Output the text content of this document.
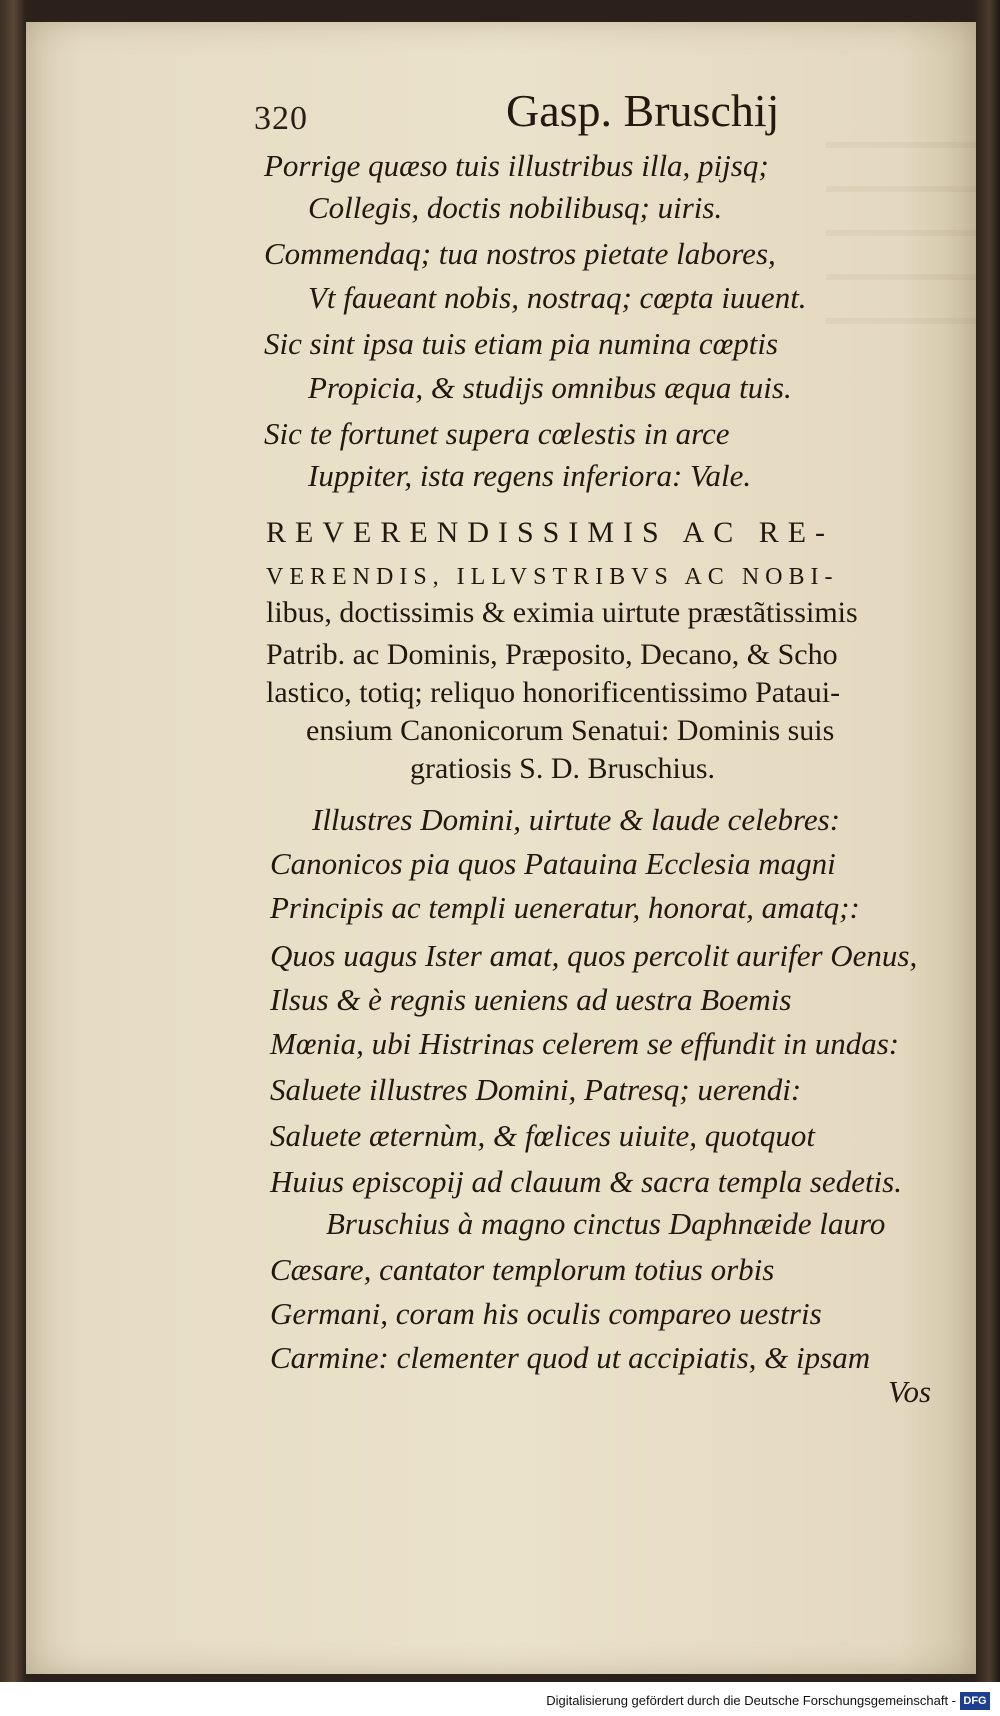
320	Gasp. Bruschij
Porrige quæso tuis illustribus illa, pijsq;
Collegis, doctis nobilibusq; uiris.
Commendaq; tua nostros pietate labores,
Vt faueant nobis, nostraq; cœpta iuuent.
Sic sint ipsa tuis etiam pia numina cœptis
Propicia, & studijs omnibus æqua tuis.
Sic te fortunet supera cœlestis in arce
Iuppiter, ista regens inferiora: Vale.
REVERENDISSIMIS AC RE-
VERENDIS, ILLVSTRIBVS AC NOBI-
libus, doctissimis & eximia uirtute præstãtissimis
Patrib. ac Dominis, Præposito, Decano, & Scho
lastico, totiq; reliquo honorificentissimo Pataui-
ensium Canonicorum Senatui: Dominis suis
gratiosis S. D. Bruschius.
Illustres Domini, uirtute & laude celebres:
Canonicos pia quos Patauina Ecclesia magni
Principis ac templi ueneratur, honorat, amatq;:
Quos uagus Ister amat, quos percolit aurifer Oenus,
Ilsus & è regnis ueniens ad uestra Boemis
Mœnia, ubi Histrinas celerem se effundit in undas:
Saluete illustres Domini, Patresq; uerendi:
Saluete æternùm, & fœlices uiuite, quotquot
Huius episcopij ad clauum & sacra templa sedetis.
Bruschius à magno cinctus Daphnæide lauro
Cæsare, cantator templorum totius orbis
Germani, coram his oculis compareo uestris
Carmine: clementer quod ut accipiatis, & ipsam
Vos
Digitalisierung gefördert durch die Deutsche Forschungsgemeinschaft - DFG
